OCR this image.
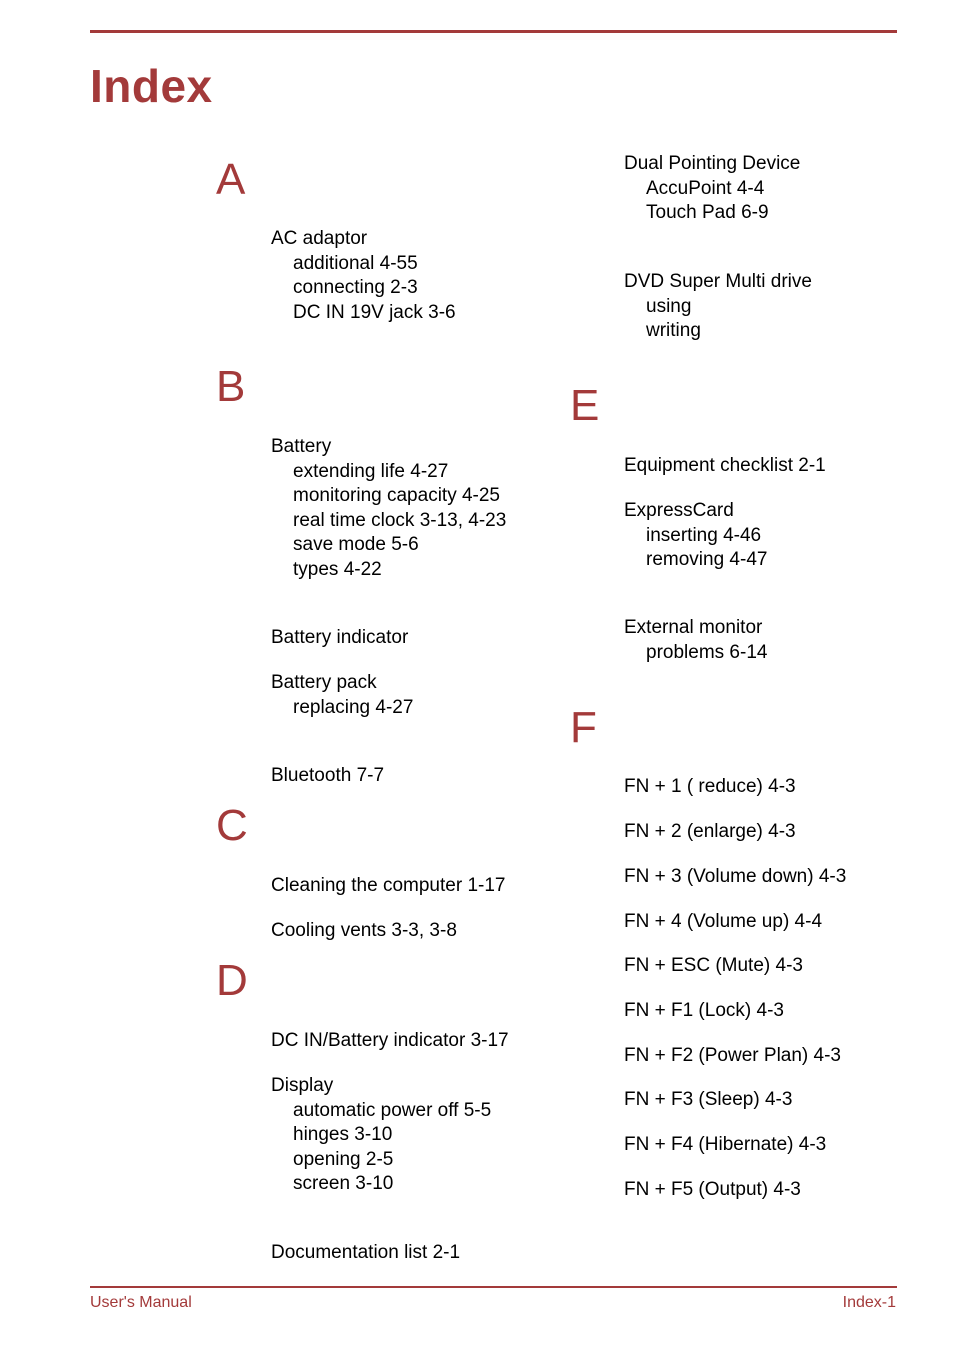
Index
A
AC adaptor
additional 4-55
connecting 2-3
DC IN 19V jack 3-6
B
Battery
extending life 4-27
monitoring capacity 4-25
real time clock 3-13, 4-23
save mode 5-6
types 4-22
Battery indicator
Battery pack
replacing 4-27
Bluetooth 7-7
C
Cleaning the computer 1-17
Cooling vents 3-3, 3-8
D
DC IN/Battery indicator 3-17
Display
automatic power off 5-5
hinges 3-10
opening 2-5
screen 3-10
Documentation list 2-1
Dual Pointing Device
AccuPoint 4-4
Touch Pad 6-9
DVD Super Multi drive
using
writing
E
Equipment checklist 2-1
ExpressCard
inserting 4-46
removing 4-47
External monitor
problems 6-14
F
FN + 1 ( reduce) 4-3
FN + 2 (enlarge) 4-3
FN + 3 (Volume down) 4-3
FN + 4 (Volume up) 4-4
FN + ESC (Mute) 4-3
FN + F1 (Lock) 4-3
FN + F2 (Power Plan) 4-3
FN + F3 (Sleep) 4-3
FN + F4 (Hibernate) 4-3
FN + F5 (Output) 4-3
User's Manual	Index-1
